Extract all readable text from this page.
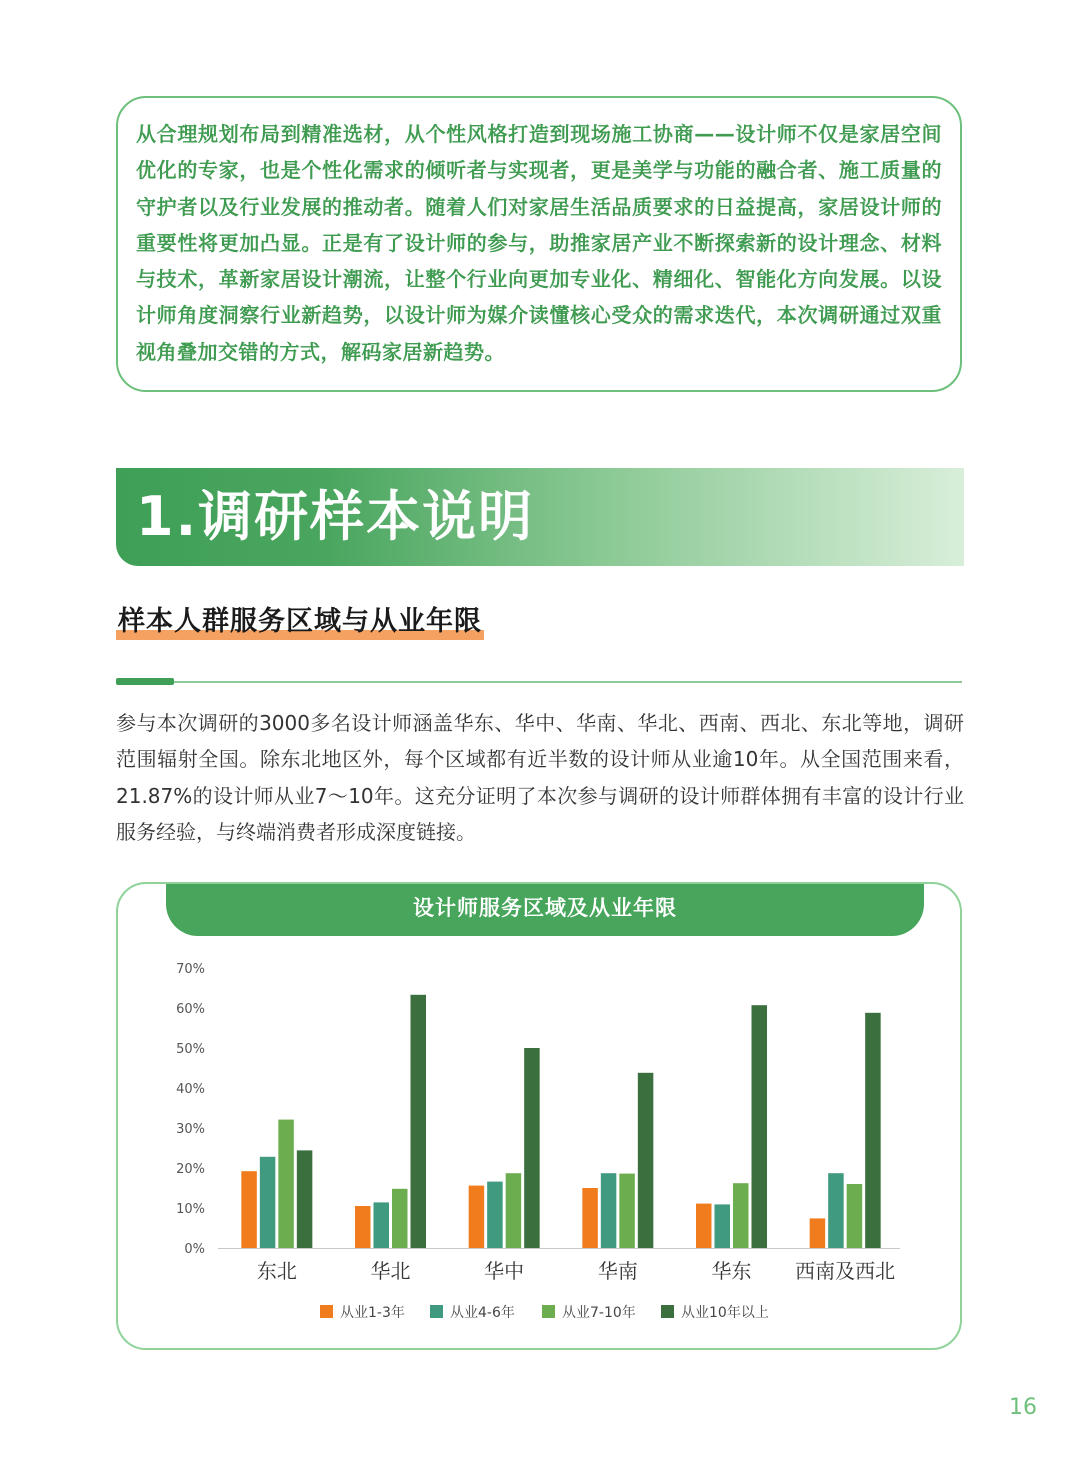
从合理规划布局到精准选材，从个性风格打造到现场施工协商——设计师不仅是家居空间优化的专家，也是个性化需求的倾听者与实现者，更是美学与功能的融合者、施工质量的守护者以及行业发展的推动者。随着人们对家居生活品质要求的日益提高，家居设计师的重要性将更加凸显。正是有了设计师的参与，助推家居产业不断探索新的设计理念、材料与技术，革新家居设计潮流，让整个行业向更加专业化、精细化、智能化方向发展。以设计师角度洞察行业新趋势，以设计师为媒介读懂核心受众的需求迭代，本次调研通过双重视角叠加交错的方式，解码家居新趋势。

1.调研样本说明
样本人群服务区域与从业年限

参与本次调研的3000多名设计师涵盖华东、华中、华南、华北、西南、西北、东北等地，调研范围辐射全国。除东北地区外，每个区域都有近半数的设计师从业逾10年。从全国范围来看，21.87%的设计师从业7～10年。这充分证明了本次参与调研的设计师群体拥有丰富的设计行业服务经验，与终端消费者形成深度链接。

0%
10%
20%
30%
40%
50%
60%
70%
东北	华北	华中	华南	华东 西南及西北
从业1-3年	从业4-6年	从业7-10年	从业10年以上
设计师服务区域及从业年限
16
